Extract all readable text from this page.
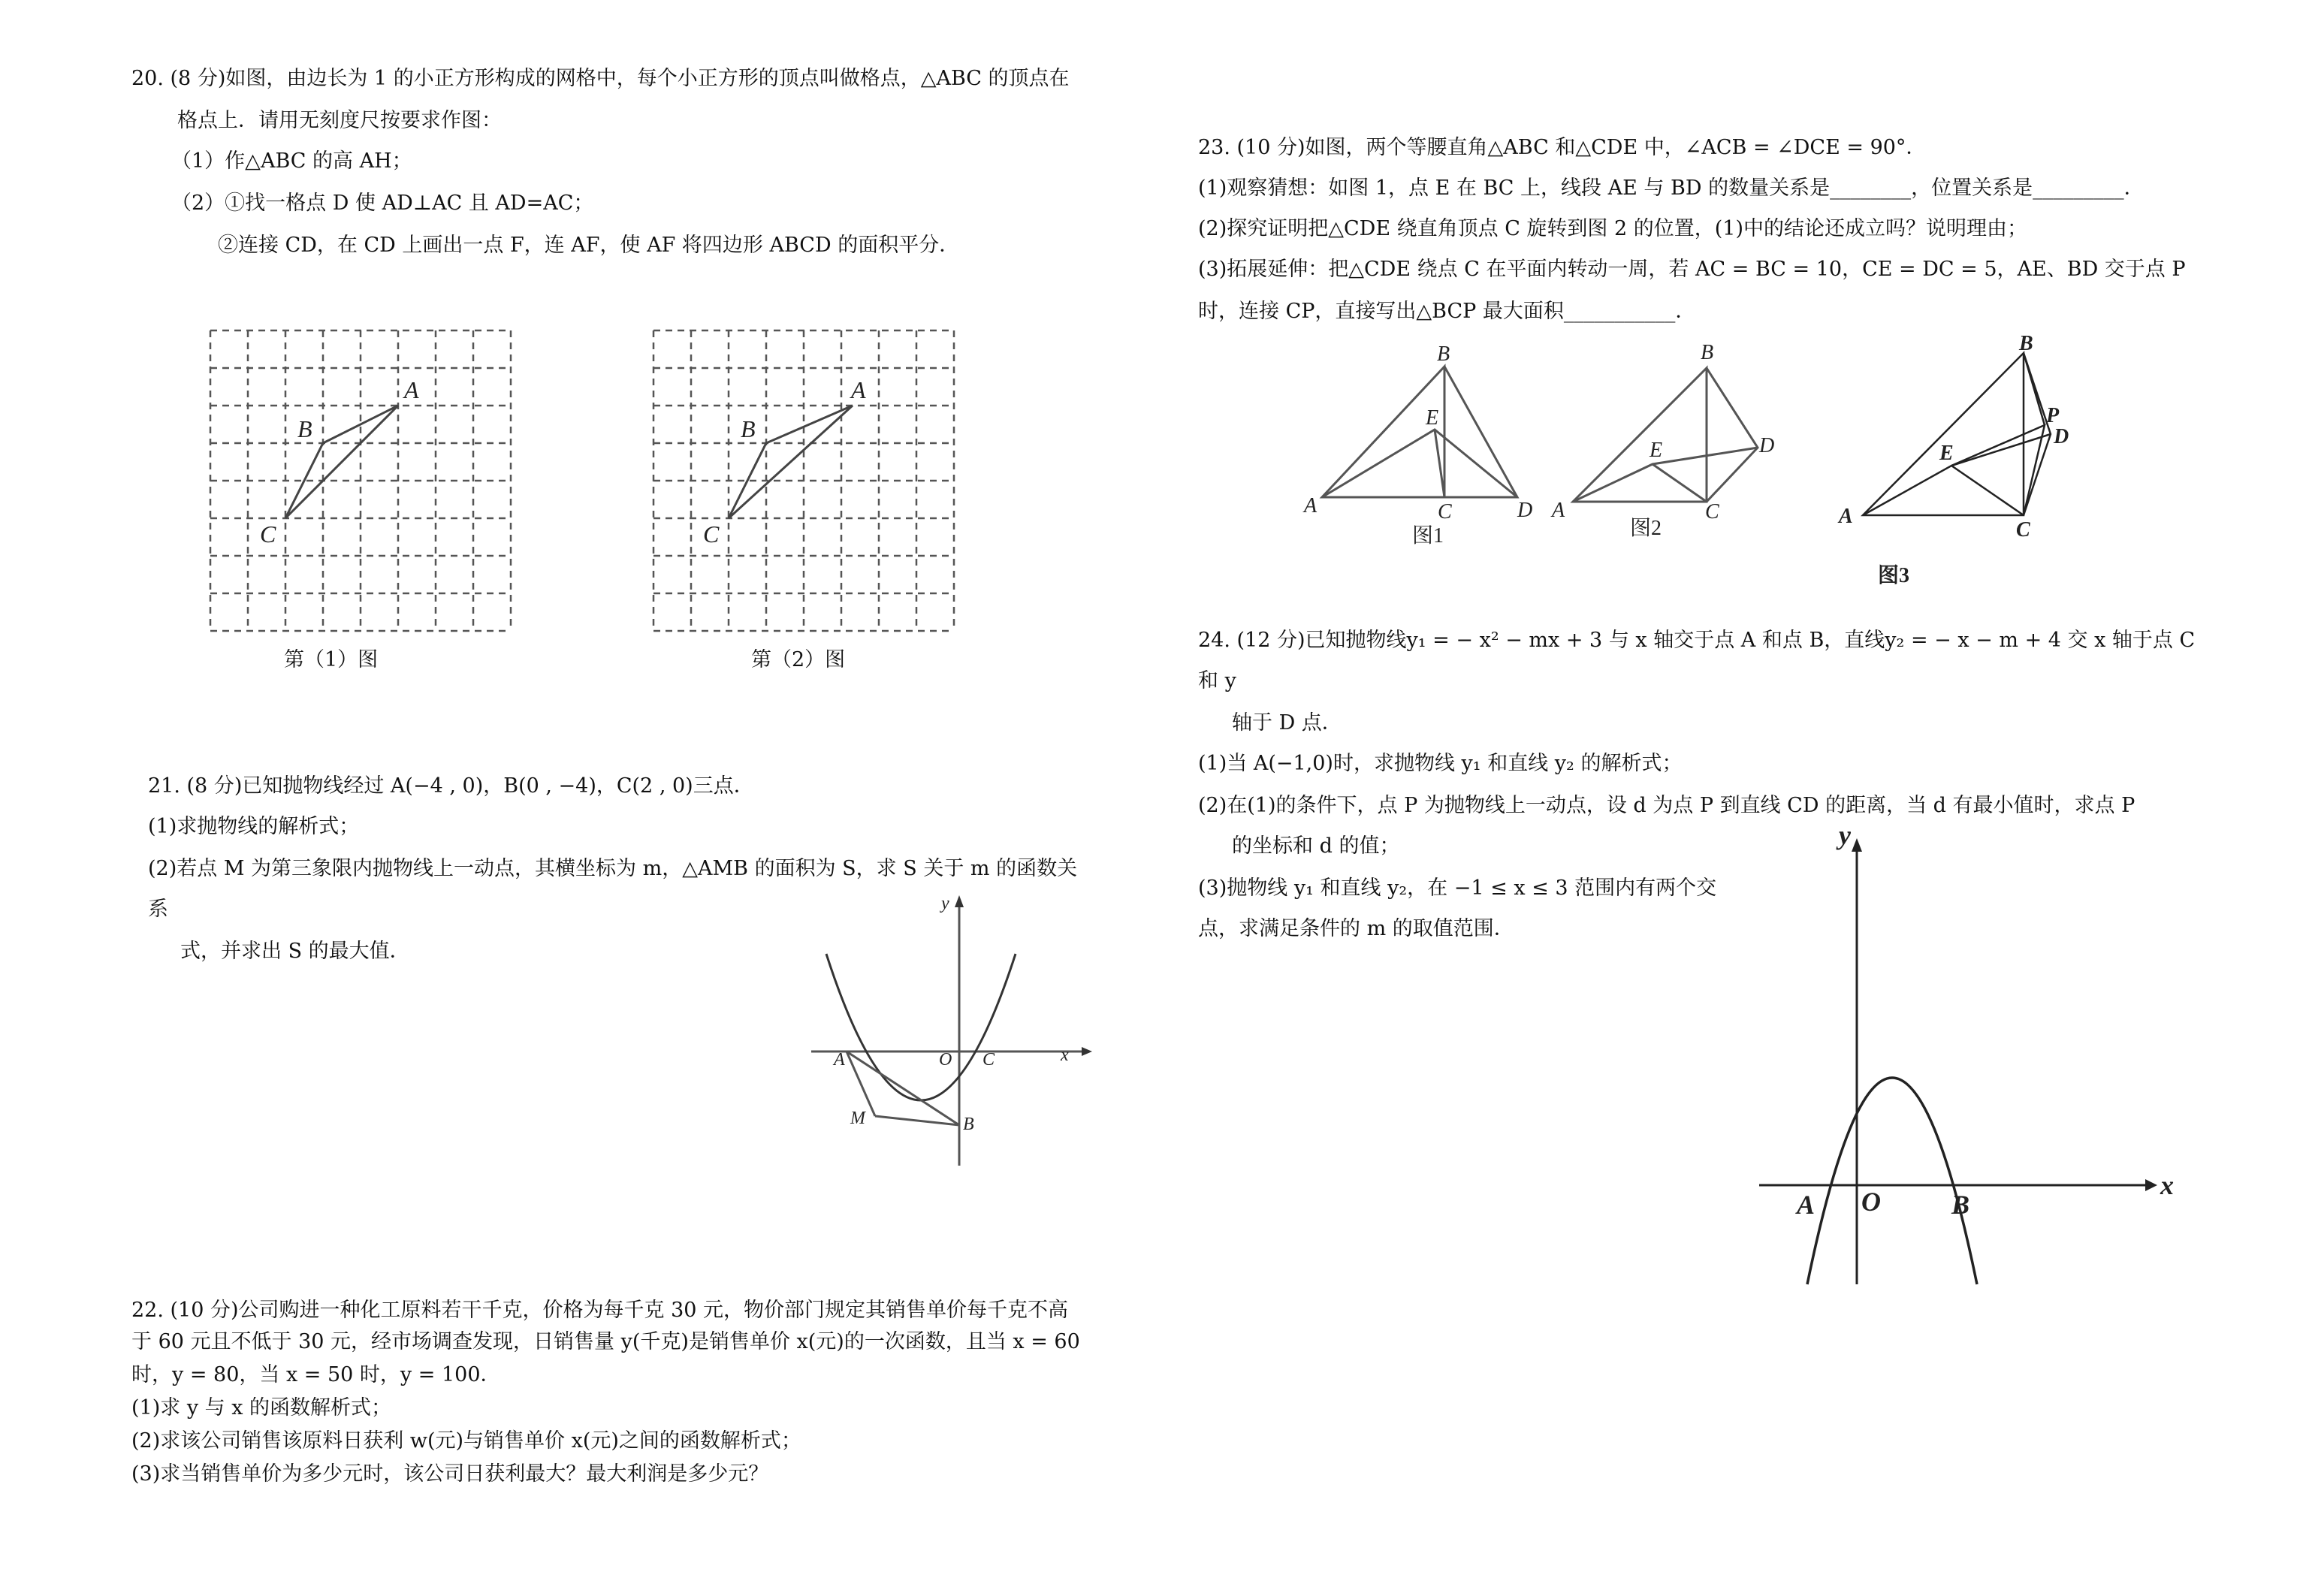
20. (8 分)如图，由边长为 1 的小正方形构成的网格中，每个小正方形的顶点叫做格点，△ABC 的顶点在
格点上．请用无刻度尺按要求作图：
（1）作△ABC 的高 AH；
（2）①找一格点 D 使 AD⊥AC 且 AD=AC；
②连接 CD，在 CD 上画出一点 F，连 AF，使 AF 将四边形 ABCD 的面积平分．
A
B
C
第（1）图
A
B
C
第（2）图
21. (8 分)已知抛物线经过 A(−4 , 0)，B(0 , −4)，C(2 , 0)三点．
(1)求抛物线的解析式；
(2)若点 M 为第三象限内抛物线上一动点，其横坐标为 m，△AMB 的面积为 S，求 S 关于 m 的函数关
系
式，并求出 S 的最大值．
y
x
A	O C
M	B
22. (10 分)公司购进一种化工原料若干千克，价格为每千克 30 元，物价部门规定其销售单价每千克不高
于 60 元且不低于 30 元，经市场调查发现，日销售量 y(千克)是销售单价 x(元)的一次函数，且当 x = 60
时，y = 80，当 x = 50 时，y = 100．
(1)求 y 与 x 的函数解析式；
(2)求该公司销售该原料日获利 w(元)与销售单价 x(元)之间的函数解析式；
(3)求当销售单价为多少元时，该公司日获利最大？最大利润是多少元？
23. (10 分)如图，两个等腰直角△ABC 和△CDE 中，∠ACB = ∠DCE = 90°．
(1)观察猜想：如图 1，点 E 在 BC 上，线段 AE 与 BD 的数量关系是________，位置关系是_________．
(2)探究证明把△CDE 绕直角顶点 C 旋转到图 2 的位置，(1)中的结论还成立吗？说明理由；
(3)拓展延伸：把△CDE 绕点 C 在平面内转动一周，若 AC = BC = 10，CE = DC = 5，AE、BD 交于点 P
时，连接 CP，直接写出△BCP 最大面积___________．
B
E
A	C	D
图1
B
E	D
A	C
图2
B
P
D
E
A
C
图3
24. (12 分)已知抛物线y₁ = − x² − mx + 3 与 x 轴交于点 A 和点 B，直线y₂ = − x − m + 4 交 x 轴于点 C
和 y
轴于 D 点．
(1)当 A(−1,0)时，求抛物线 y₁ 和直线 y₂ 的解析式；
(2)在(1)的条件下，点 P 为抛物线上一动点，设 d 为点 P 到直线 CD 的距离，当 d 有最小值时，求点 P
的坐标和 d 的值；
(3)抛物线 y₁ 和直线 y₂，在 −1 ≤ x ≤ 3 范围内有两个交
点，求满足条件的 m 的取值范围．
y
x
A O	B
